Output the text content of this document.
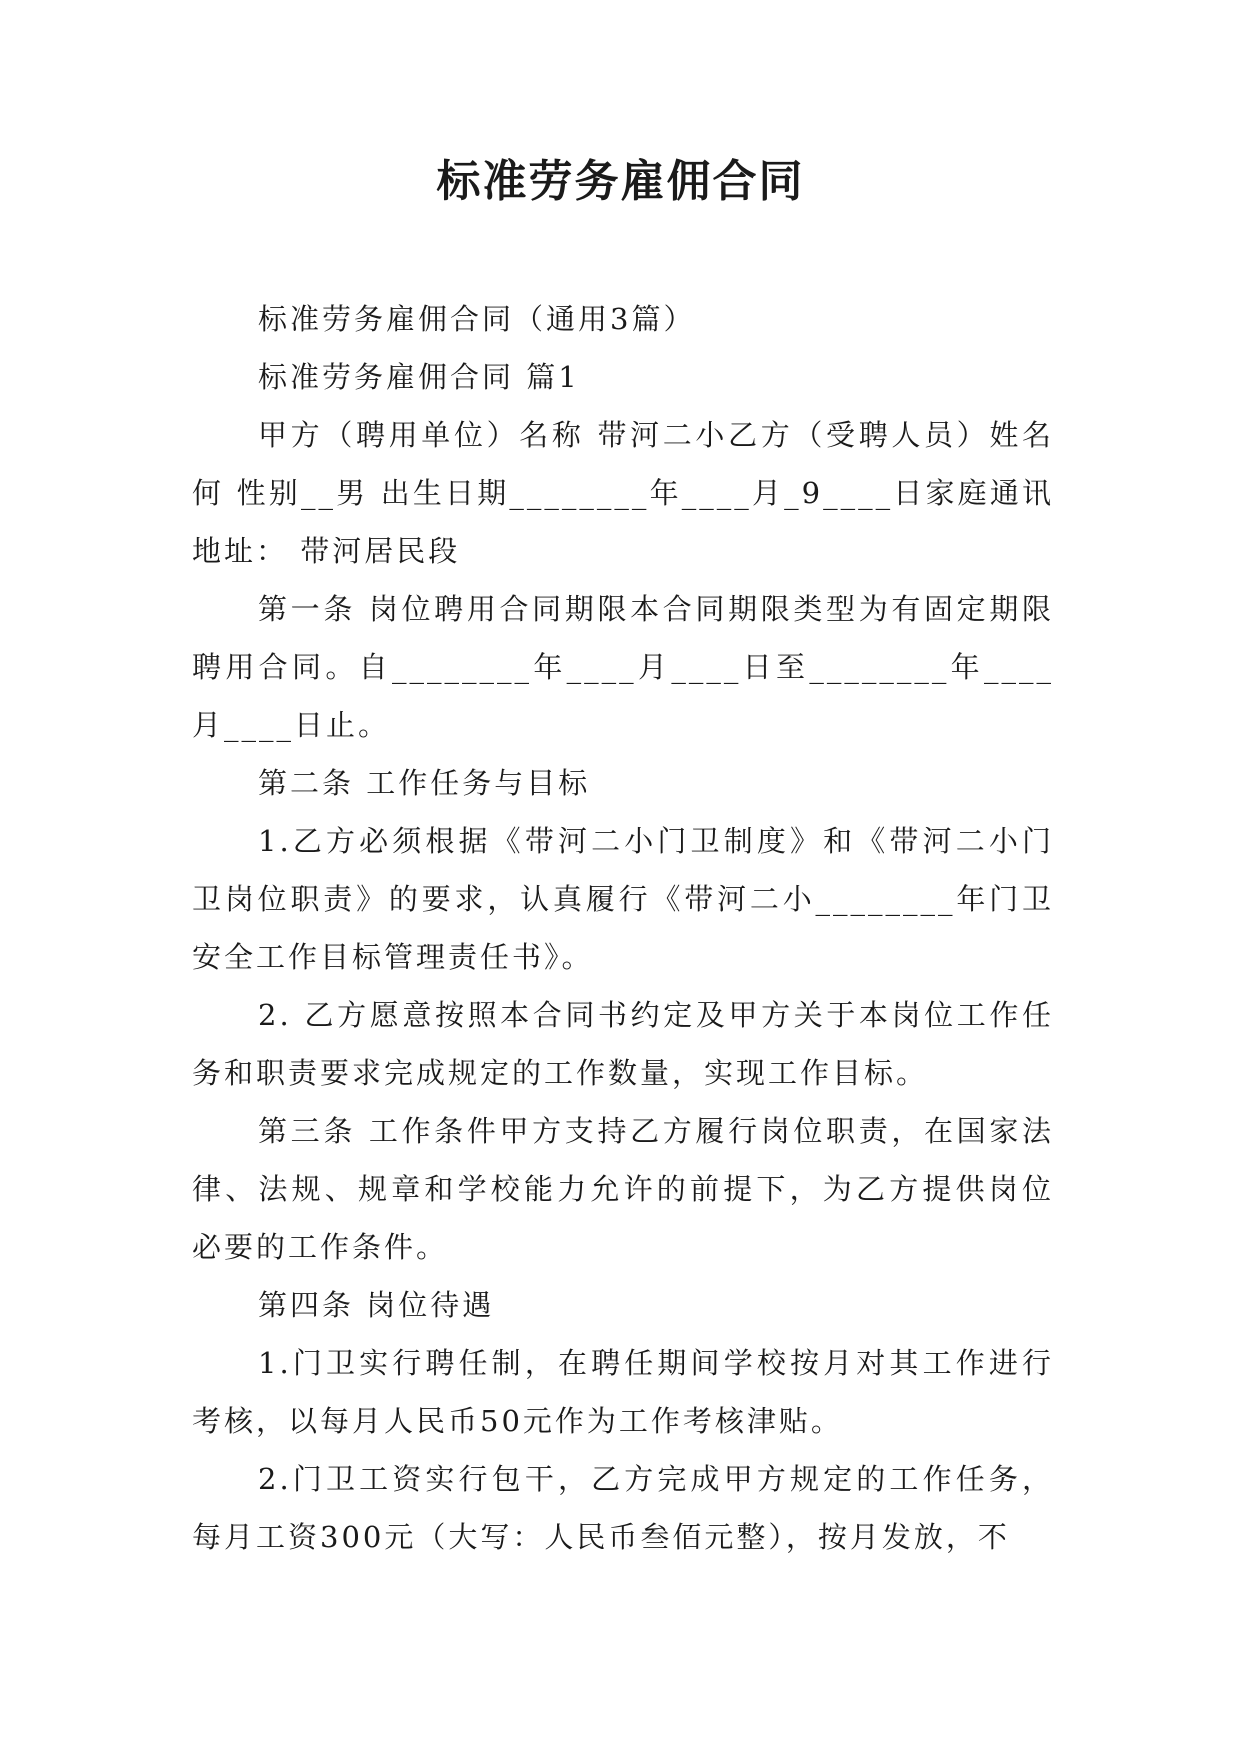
标准劳务雇佣合同

标准劳务雇佣合同（通用3篇）

标准劳务雇佣合同 篇1

甲方（聘用单位）名称 带河二小乙方（受聘人员）姓名 何 性别__男 出生日期________年____月_9____日家庭通讯地址： 带河居民段

第一条 岗位聘用合同期限本合同期限类型为有固定期限聘用合同。自________年____月____日至________年____月____日止。

第二条 工作任务与目标

1.乙方必须根据《带河二小门卫制度》和《带河二小门卫岗位职责》的要求，认真履行《带河二小________年门卫安全工作目标管理责任书》。

2. 乙方愿意按照本合同书约定及甲方关于本岗位工作任务和职责要求完成规定的工作数量，实现工作目标。

第三条 工作条件甲方支持乙方履行岗位职责，在国家法律、法规、规章和学校能力允许的前提下，为乙方提供岗位必要的工作条件。

第四条 岗位待遇

1.门卫实行聘任制，在聘任期间学校按月对其工作进行考核，以每月人民币50元作为工作考核津贴。

2.门卫工资实行包干，乙方完成甲方规定的工作任务，每月工资300元（大写：人民币叁佰元整），按月发放，不
